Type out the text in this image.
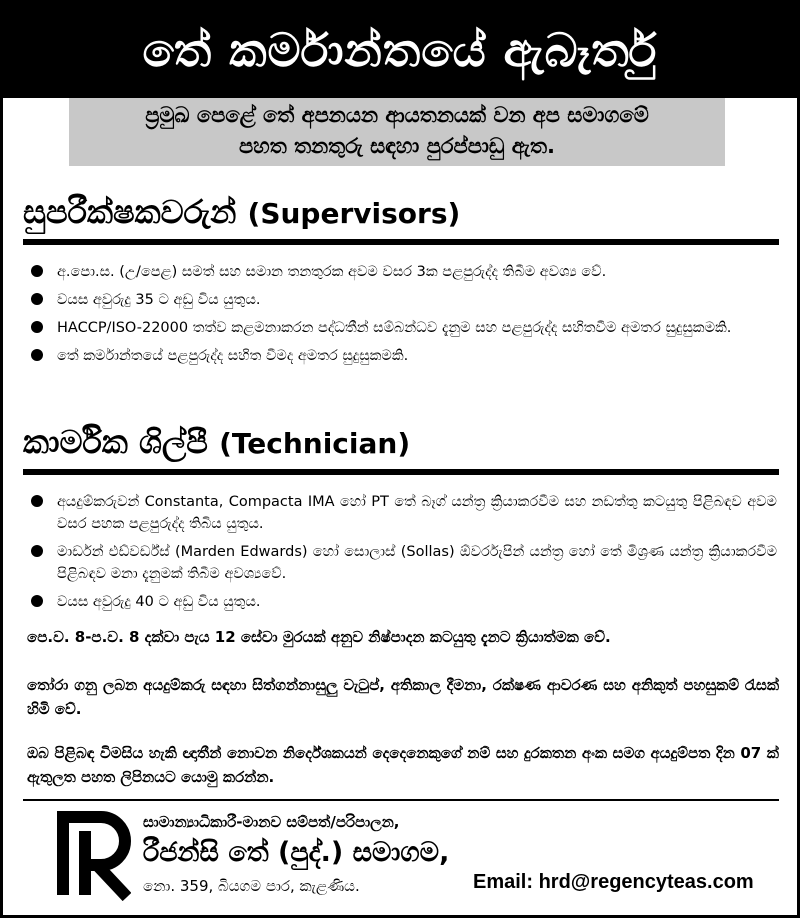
තේ කර්මාන්තයේ ඇබෑර්තු
ප්‍රමුඛ පෙළේ තේ අපනයන ආයතනයක් වන අප සමාගමේ
පහත තනතුරු සඳහා පුරප්පාඩු ඇත.
සුපරීක්ෂකවරුන් (Supervisors)
අ.පො.ස. (උ/පෙළ) සමත් සහ සමාන තනතුරක අවම වසර 3ක පළපුරුද්ද තිබීම අවශ්‍ය වේ.
වයස අවුරුදු 35 ට අඩු විය යුතුය.
HACCP/ISO-22000 තත්ව කළමනාකරන පද්ධතීන් සම්බන්ධව දැනුම සහ පළපුරුද්ද සහිතවීම අමතර සුදුසුකමකි.
තේ කර්මාන්තයේ පළපුරුද්ද සහිත වීමද අමතර සුදුසුකමකි.
කාර්මික ශිල්පී (Technician)
අයදුම්කරුවන් Constanta, Compacta IMA හෝ PT තේ බෑග් යන්ත්‍ර ක්‍රියාකරවීම සහ නඩත්තු කටයුතු පිළිබඳව අවම වසර පහක පළපුරුද්ද තිබිය යුතුය.
මාර්ඩන් එඩ්වර්ඩ්ස් (Marden Edwards) හෝ සොලාස් (Sollas) ඕවර්රැපින් යන්ත්‍ර හෝ තේ මිශ්‍රණ යන්ත්‍ර ක්‍රියාකරවීම පිළිබඳව මනා දැනුමක් තිබීම අවශ්‍යවේ.
වයස අවුරුදු 40 ට අඩු විය යුතුය.
පෙ.ව. 8-ප.ව. 8 දක්වා පැය 12 සේවා මුරයක් අනුව නිෂ්පාදන කටයුතු දැනට ක්‍රියාත්මක වේ.
තෝරා ගනු ලබන අයදුම්කරු සඳහා සිත්ගන්නාසුලු වැටුප්, අතිකාල දීමනා, රක්ෂණ ආවරණ සහ අනිකුත් පහසුකම් රැසක් හිමි වේ.
ඔබ පිළිබඳ විමසිය හැකි ඥාතීන් නොවන නිර්දේශකයන් දෙදෙනෙකුගේ නම් සහ දුරකතන අංක සමග අයදුම්පත දින 07 ක් ඇතුලත පහත ලිපිනයට යොමු කරන්න.
සාමාන්‍යාධිකාරී-මානව සම්පත්/පරිපාලන,
රීජන්සි තේ (පුද්.) සමාගම,
නො. 359, බියගම පාර, කැළණිය.	Email: hrd@regencyteas.com
